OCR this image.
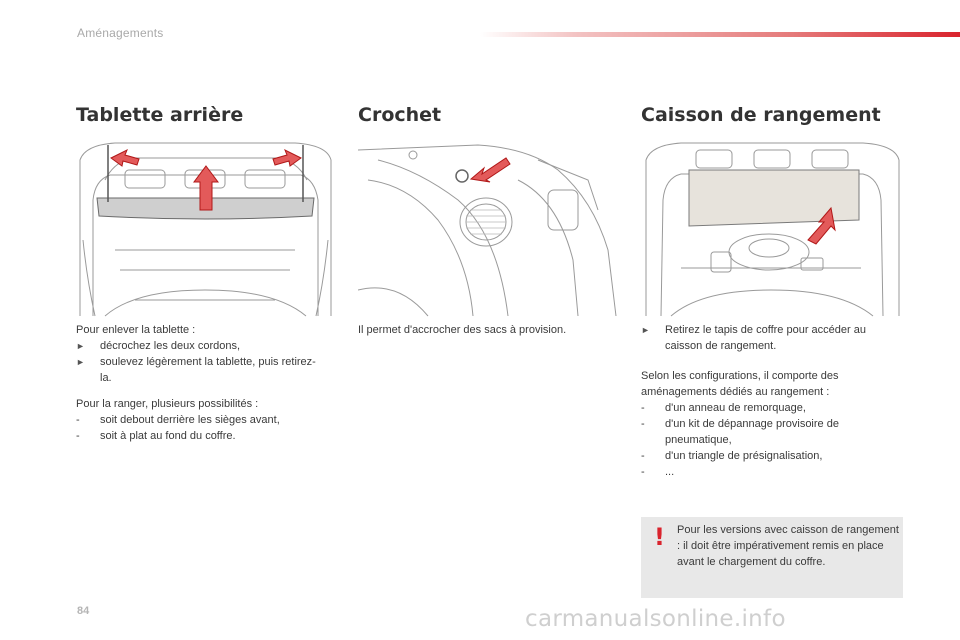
Aménagements
Tablette arrière

Pour enlever la tablette :

►	décrochez les deux cordons,
►	soulevez légèrement la tablette, puis retirez-la.

Pour la ranger, plusieurs possibilités :

-	soit debout derrière les sièges avant,
-	soit à plat au fond du coffre.
Crochet

Il permet d'accrocher des sacs à provision.

Caisson de rangement
►	Retirez le tapis de coffre pour accéder au caisson de rangement.

Selon les configurations, il comporte des aménagements dédiés au rangement :

-	d'un anneau de remorquage,
-	d'un kit de dépannage provisoire de pneumatique,
-	d'un triangle de présignalisation,
-	...
! Pour les versions avec caisson de rangement : il doit être impérativement remis en place avant le chargement du coffre.
84	carmanualsonline.info
